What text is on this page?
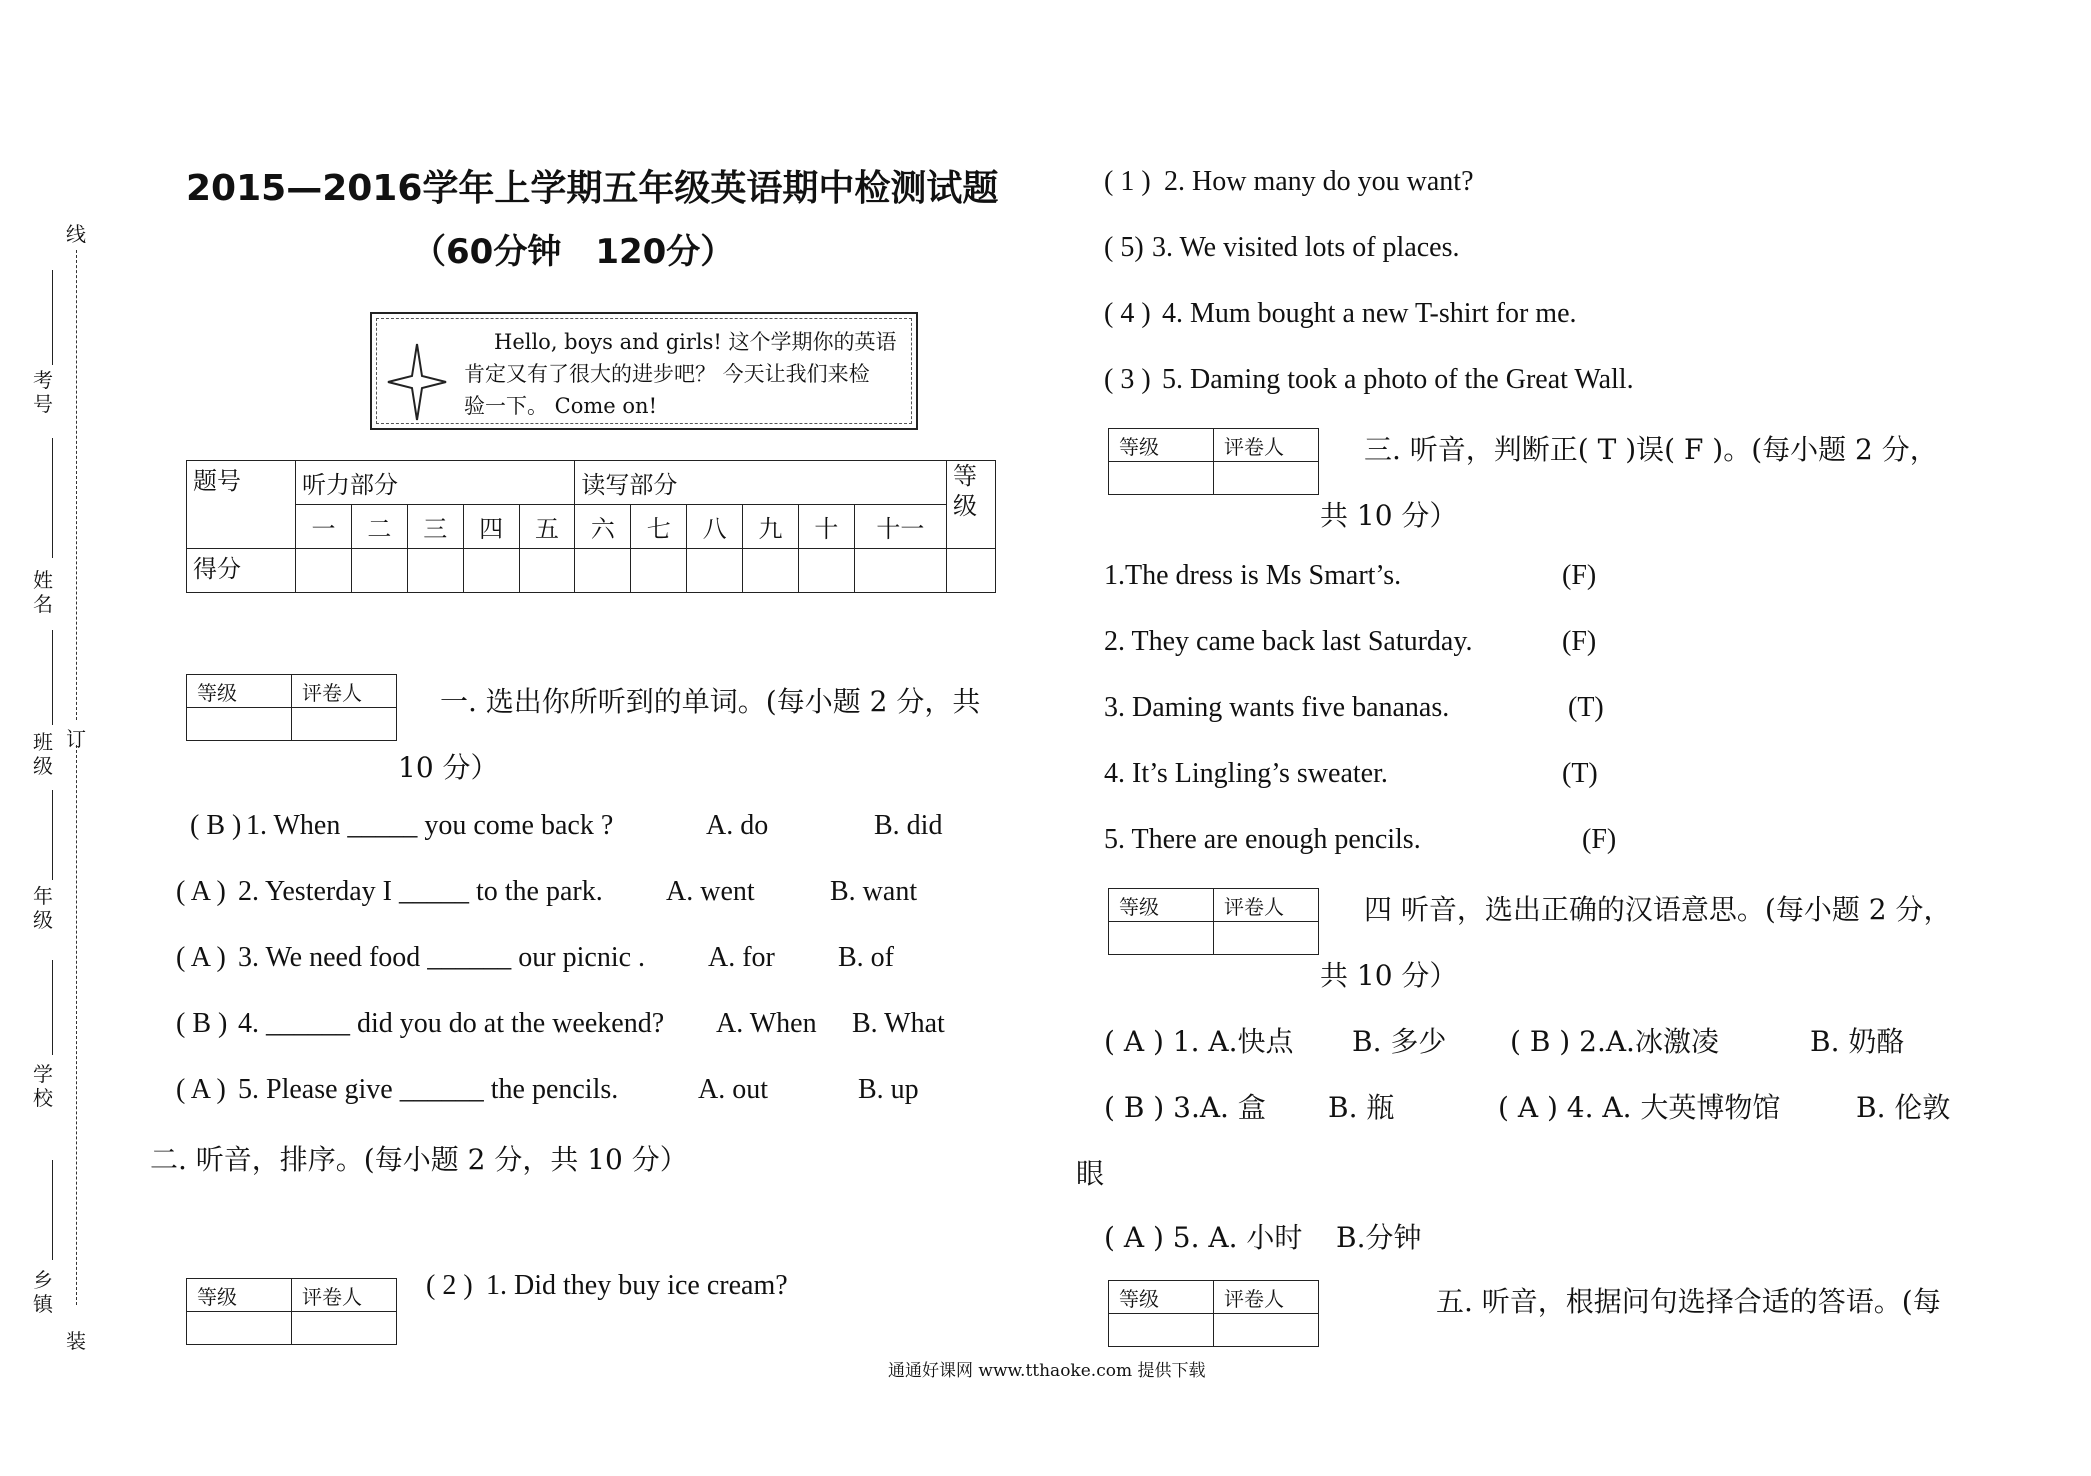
考号
姓名
班级
年级
学校
乡镇
线
订
装
2015—2016学年上学期五年级英语期中检测试题
（60分钟　120分）
Hello, boys and girls! 这个学期你的英语
肯定又有了很大的进步吧？ 今天让我们来检
验一下。 Come on!
题号	听力部分					读写部分						等级
	一	二	三	四	五	六	七	八	九	十	十一	
得分												
等级	评卷人
		一. 选出你所听到的单词。(每小题 2 分，共
10 分）
( B ) 1. When _____ you come back ?	A. do	B. did
( A ) 2. Yesterday I _____ to the park. A. went	B. want
( A ) 3. We need food ______ our picnic . A. for B. of
( B ) 4. ______ did you do at the weekend? A. When B. What
( A ) 5. Please give ______ the pencils.	A. out	B. up
二. 听音，排序。(每小题 2 分，共 10 分）
等级	评卷人
	( 2 ) 1. Did they buy ice cream?
( 1 ) 2. How many do you want?
( 5) 3. We visited lots of places.
( 4 ) 4. Mum bought a new T-shirt for me.
( 3 ) 5. Daming took a photo of the Great Wall.
等级	评卷人
		三. 听音，判断正( T )误( F )。(每小题 2 分，
共 10 分）
1.The dress is Ms Smart’s.	(F)
2. They came back last Saturday.	(F)
3. Daming wants five bananas.	(T)
4. It’s Lingling’s sweater.	(T)
5. There are enough pencils.	(F)
等级	评卷人
		四 听音，选出正确的汉语意思。(每小题 2 分，
共 10 分）
( A ) 1. A.快点 B. 多少 ( B ) 2.A.冰激凌	B. 奶酪
( B ) 3.A. 盒 B. 瓶	( A ) 4. A. 大英博物馆	B. 伦敦
眼
( A ) 5. A. 小时 B.分钟
等级	评卷人
		五. 听音，根据问句选择合适的答语。(每
通通好课网 www.tthaoke.com 提供下载
